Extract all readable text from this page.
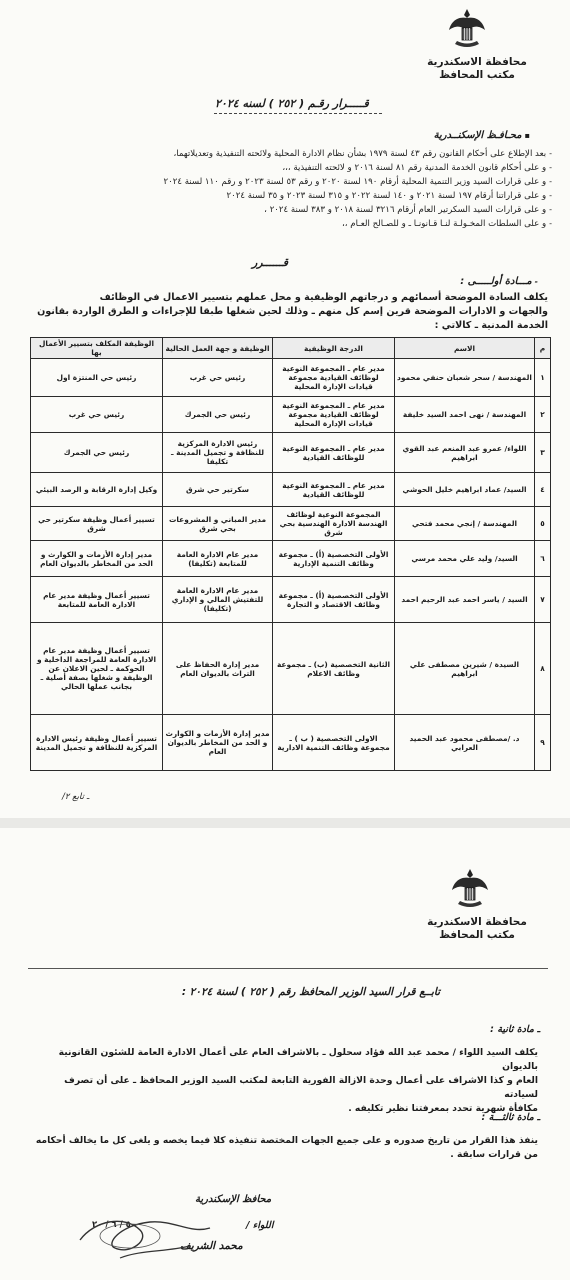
محافظة الاسكندرية
مكتب المحافظ
قـــــرار رقـم ( ٢٥٢ ) لسنه ٢٠٢٤
▪محـافـظ الإسكنــدرية
-بعد الإطلاع على أحكام القانون رقم ٤٣ لسنة ١٩٧٩ بشأن نظام الادارة المحلية ولائحته التنفيذية وتعديلاتهما،
-و على أحكام قانون الخدمة المدنية رقم ٨١ لسنة ٢٠١٦ و لائحته التنفيذية ،،،
-و على قرارات السيد وزير التنمية المحلية أرقام ١٩٠ لسنة ٢٠٢٠ و رقم ٥٣ لسنة ٢٠٢٣ و رقم ١١٠ لسنة ٢٠٢٤
-و على قراراتنا أرقام ١٩٧ لسنة ٢٠٢١ و ١٤٠ لسنة ٢٠٢٢ و ٣١٥ لسنة ٢٠٢٣ و ٣٥ لسنة ٢٠٢٤
-و على قرارات السيد السكرتير العام أرقام ٣٢١٦ لسنة ٢٠١٨ و ٣٨٣ لسنة ٢٠٢٤ ،
-و على السلطات المخـولـة لنـا قـانونـا ـ و للصـالح العـام ،،
قــــــرر
-مـــادة أولـــــى :
يكلف السادة الموضحة أسمائهم و درجاتهم الوظيفية و محل عملهم بتسيير الاعمال في الوظائف
والجهات و الادارات الموضحة قرين إسم كل منهم ـ وذلك لحين شغلها طبقا للإجراءات و الطرق الواردة بقانون
الخدمة المدنية ـ كالاتي :
م	الاسم	الدرجة الوظيفية	الوظيفة و جهة العمل الحالية	الوظيفة المكلف بتسيير الأعمال بها
١	المهندسة / سحر شعبان حنفي محمود	مدير عام ـ المجموعة النوعية لوظائف القيادية مجموعة قيادات الإدارة المحلية	رئيس حي غرب	رئيس حي المنتزة اول
٢	المهندسة / نهى احمد السيد خليفة	مدير عام ـ المجموعة النوعية لوظائف القيادية مجموعة قيادات الإدارة المحلية	رئيس حي الجمرك	رئيس حي غرب
٣	اللواء/ عمرو عبد المنعم عبد القوي ابراهيم	مدير عام ـ المجموعة النوعية للوظائف القيادية	رئيس الادارة المركزية للنظافة و تجميل المدينة ـ تكليفا	رئيس حي الجمرك
٤	السيد/ عماد ابراهيم خليل الحوشي	مدير عام ـ المجموعة النوعية للوظائف القيادية	سكرتير حي شرق	وكيل إدارة الرقابة و الرصد البيئي
٥	المهندسة / إنجي محمد فتحي	المجموعة النوعية لوظائف الهندسة الادارة الهندسية بحي شرق	مدير المباني و المشروعات بحي شرق	تسيير أعمال وظيفة سكرتير حي شرق
٦	السيد/ وليد علي محمد مرسي	الأولى التخصصية (أ) ـ مجموعة وظائف التنمية الإدارية	مدير عام الادارة العامة للمتابعة (تكليفا)	مدير إدارة الأزمات و الكوارث و الحد من المخاطر بالديوان العام
٧	السيد / ياسر احمد عبد الرحيم احمد	الأولى التخصصية (أ) ـ مجموعة وظائف الاقتصاد و التجارة	مدير عام الادارة العامة للتفتيش المالي و الإداري (تكليفا)	تسيير أعمال وظيفة مدير عام الادارة العامة للمتابعة
٨	السيدة / شيرين مصطفى علي ابراهيم	الثانية التخصصية (ب) ـ مجموعة وظائف الاعلام	مدير إدارة الحفاظ على التراث بالديوان العام	تسيير أعمال وظيفة مدير عام الادارة العامة للمراجعة الداخلية و الحوكمة ـ لحين الاعلان عن الوظيفة و شغلها بصفة أصلية ـ بجانب عملها الحالي
٩	د. /مصطفى محمود عبد الحميد العرابي	الاولى التخصصية ( ب ) ـ مجموعة وظائف التنمية الادارية	مدير إدارة الأزمات و الكوارث و الحد من المخاطر بالديوان العام	تسيير أعمال وظيفة رئيس الادارة المركزية للنظافة و تجميل المدينة
ـ تابع ٢/
محافظة الاسكندرية
مكتب المحافظ
تابــع قرار السيد الوزير المحافظ رقم ( ٢٥٢ ) لسنة ٢٠٢٤ :
ـ مادة ثانية :
يكلف السيد اللواء / محمد عبد الله فؤاد سحلول ـ بالاشراف العام على أعمال الادارة العامة للشئون القانونية بالديوان
العام و كذا الاشراف على أعمال وحدة الازالة الفورية التابعة لمكتب السيد الوزير المحافظ ـ على أن تصرف لسيادته
مكافأة شهرية تحدد بمعرفتنا نظير تكليفه .
ـ مادة ثالثـــة :
ينفذ هذا القرار من تاريخ صدوره و على جميع الجهات المختصة تنفيذه كلا فيما يخصه و يلغى كل ما يخالف أحكامه
من قرارات سابقة .
محافظ الإسكندرية
اللواء /
محمد الشريف
٥ / ٦ / ٢٠
